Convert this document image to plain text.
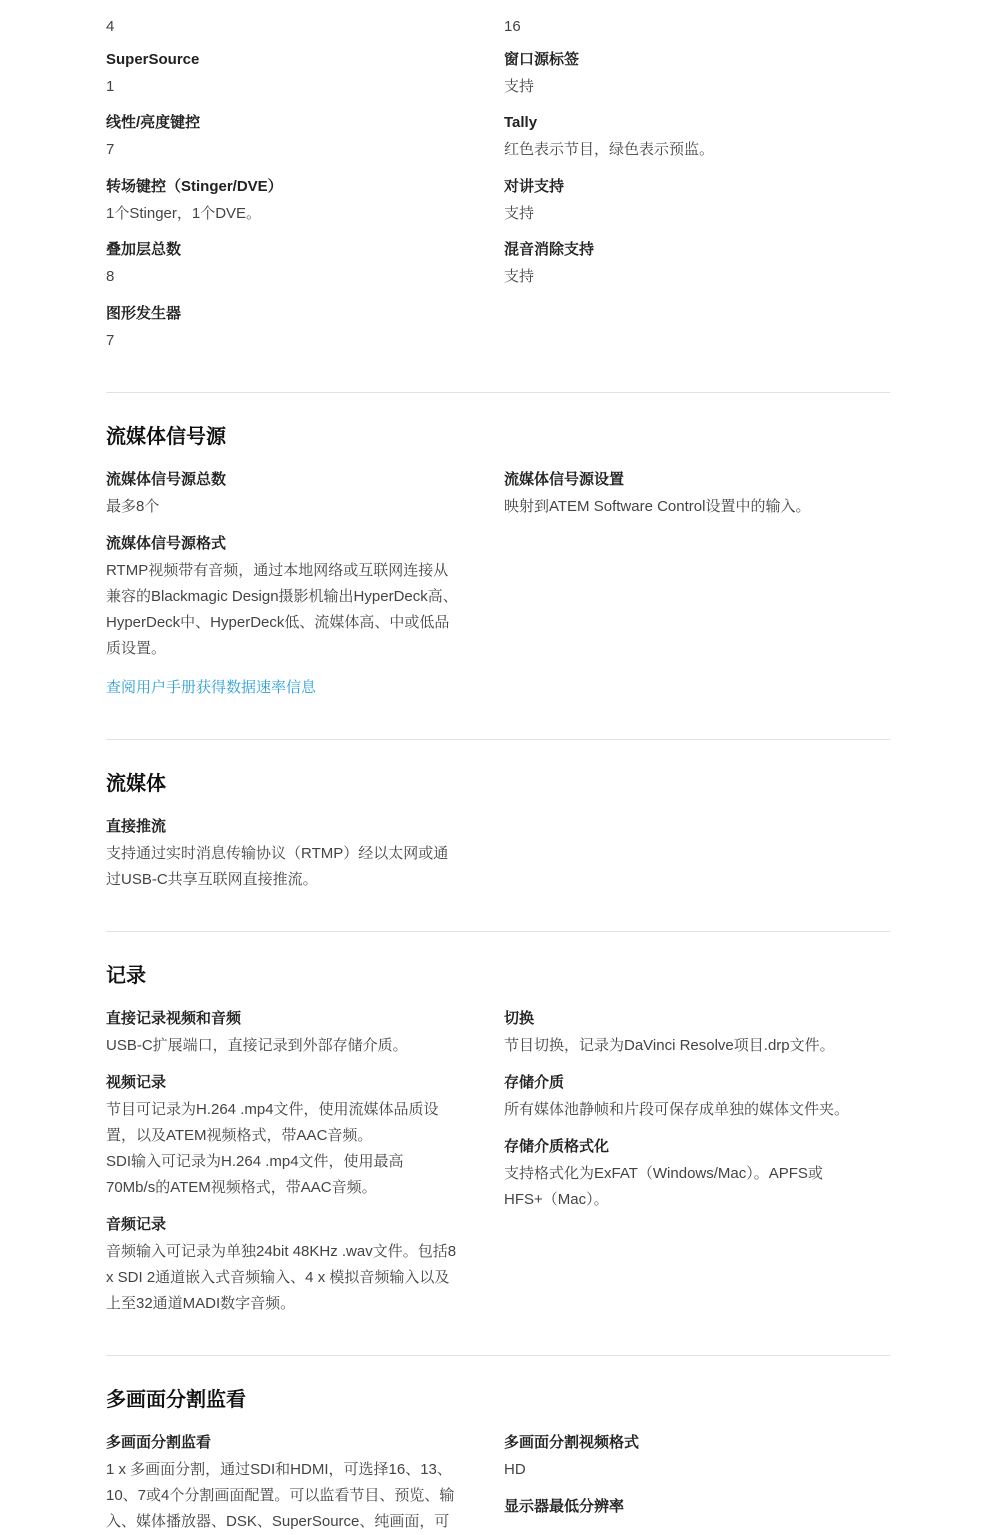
4

SuperSource

1

线性/亮度键控

7

转场键控（Stinger/DVE）

1个Stinger，1个DVE。

叠加层总数

8

图形发生器

7

16

窗口源标签

支持

Tally

红色表示节目，绿色表示预监。

对讲支持

支持

混音消除支持

支持

流媒体信号源

流媒体信号源总数

最多8个

流媒体信号源格式

RTMP视频带有音频，通过本地网络或互联网连接从
兼容的Blackmagic Design摄影机输出HyperDeck高、
HyperDeck中、HyperDeck低、流媒体高、中或低品
质设置。

查阅用户手册获得数据速率信息

流媒体信号源设置

映射到ATEM Software Control设置中的输入。

流媒体

直接推流

支持通过实时消息传输协议（RTMP）经以太网或通
过USB-C共享互联网直接推流。

记录

直接记录视频和音频

USB-C扩展端口，直接记录到外部存储介质。

视频记录

节目可记录为H.264 .mp4文件，使用流媒体品质设
置，以及ATEM视频格式，带AAC音频。
SDI输入可记录为H.264 .mp4文件，使用最高
70Mb/s的ATEM视频格式，带AAC音频。

音频记录

音频输入可记录为单独24bit 48KHz .wav文件。包括8
x SDI 2通道嵌入式音频输入、4 x 模拟音频输入以及
上至32通道MADI数字音频。

切换

节目切换，记录为DaVinci Resolve项目.drp文件。

存储介质

所有媒体池静帧和片段可保存成单独的媒体文件夹。

存储介质格式化

支持格式化为ExFAT（Windows/Mac）。APFS或
HFS+（Mac）。

多画面分割监看

多画面分割监看

1 x 多画面分割，通过SDI和HDMI，可选择16、13、
10、7或4个分割画面配置。可以监看节目、预览、输
入、媒体播放器、DSK、SuperSource、纯画面，可

多画面分割视频格式

HD

显示器最低分辨率
